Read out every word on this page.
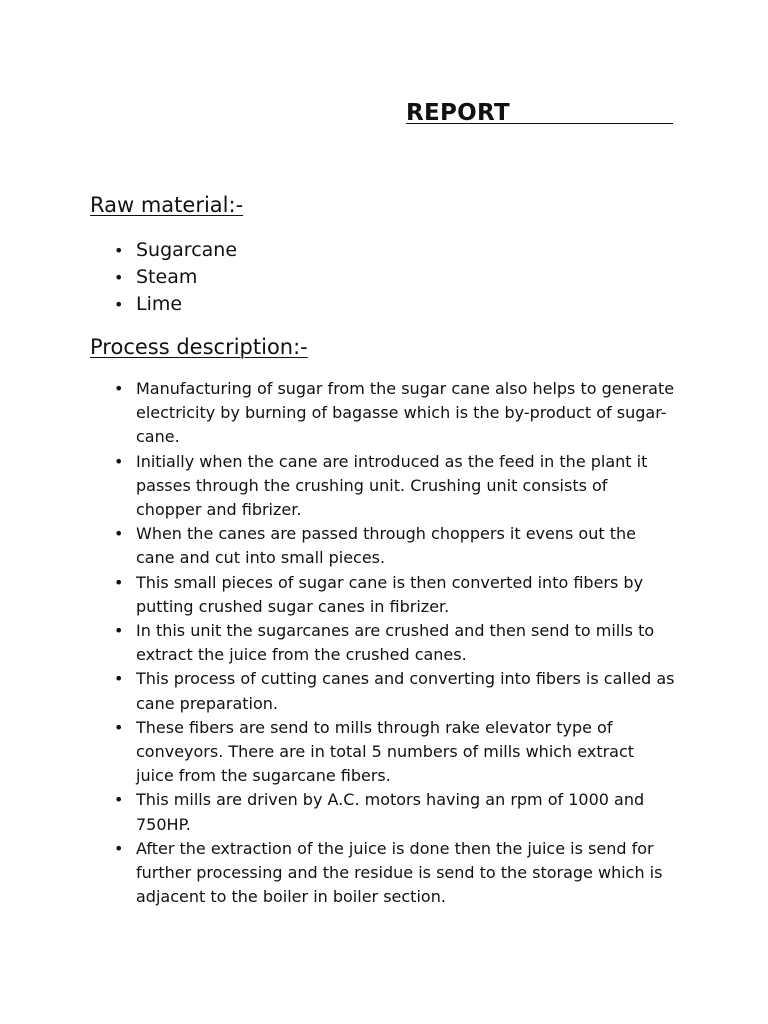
REPORT
Raw material:-
• Sugarcane
• Steam
• Lime
Process description:-
• Manufacturing of sugar from the sugar cane also helps to generate electricity by burning of bagasse which is the by-product of sugar-cane.
• Initially when the cane are introduced as the feed in the plant it passes through the crushing unit. Crushing unit consists of chopper and fibrizer.
• When the canes are passed through choppers it evens out the cane and cut into small pieces.
• This small pieces of sugar cane is then converted into fibers by putting crushed sugar canes in fibrizer.
• In this unit the sugarcanes are crushed and then send to mills to extract the juice from the crushed canes.
• This process of cutting canes and converting into fibers is called as cane preparation.
• These fibers are send to mills through rake elevator type of conveyors. There are in total 5 numbers of mills which extract juice from the sugarcane fibers.
• This mills are driven by A.C. motors having an rpm of 1000 and 750HP.
• After the extraction of the juice is done then the juice is send for further processing and the residue is send to the storage which is adjacent to the boiler in boiler section.
